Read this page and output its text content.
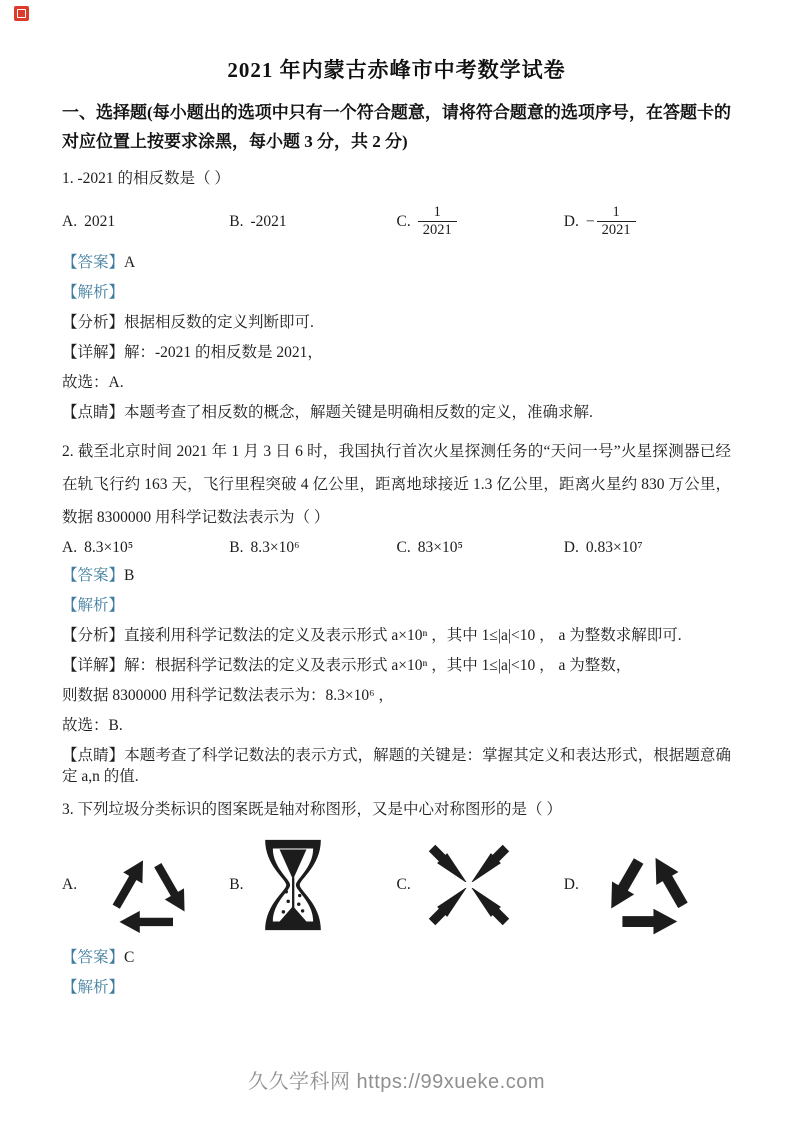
2021 年内蒙古赤峰市中考数学试卷
一、选择题(每小题出的选项中只有一个符合题意，请将符合题意的选项序号，在答题卡的对应位置上按要求涂黑，每小题 3 分，共 2 分)

1. -2021 的相反数是（ ）

A. 2021	B. -2021	C. $\frac{1}{2021}$	D. − $\frac{1}{2021}$

【答案】A

【解析】

【分析】根据相反数的定义判断即可.

【详解】解：-2021 的相反数是 2021，

故选：A.

【点睛】本题考查了相反数的概念，解题关键是明确相反数的定义，准确求解.

2. 截至北京时间 2021 年 1 月 3 日 6 时，我国执行首次火星探测任务的“天问一号”火星探测器已经在轨飞行约 163 天，飞行里程突破 4 亿公里，距离地球接近 1.3 亿公里，距离火星约 830 万公里，数据 8300000 用科学记数法表示为（ ）

A. 8.3×10⁵	B. 8.3×10⁶	C. 83×10⁵	D. 0.83×10⁷

【答案】B

【解析】

【分析】直接利用科学记数法的定义及表示形式 a×10ⁿ ，其中 1≤|a|<10 ， a 为整数求解即可.

【详解】解：根据科学记数法的定义及表示形式 a×10ⁿ ，其中 1≤|a|<10 ， a 为整数，

则数据 8300000 用科学记数法表示为：8.3×10⁶ ，

故选：B.

【点睛】本题考查了科学记数法的表示方式，解题的关键是：掌握其定义和表达形式，根据题意确定 a,n 的值.

3. 下列垃圾分类标识的图案既是轴对称图形，又是中心对称图形的是（ ）

A.	B.	C.	D.

【答案】C

【解析】

久久学科网 https://99xueke.com
